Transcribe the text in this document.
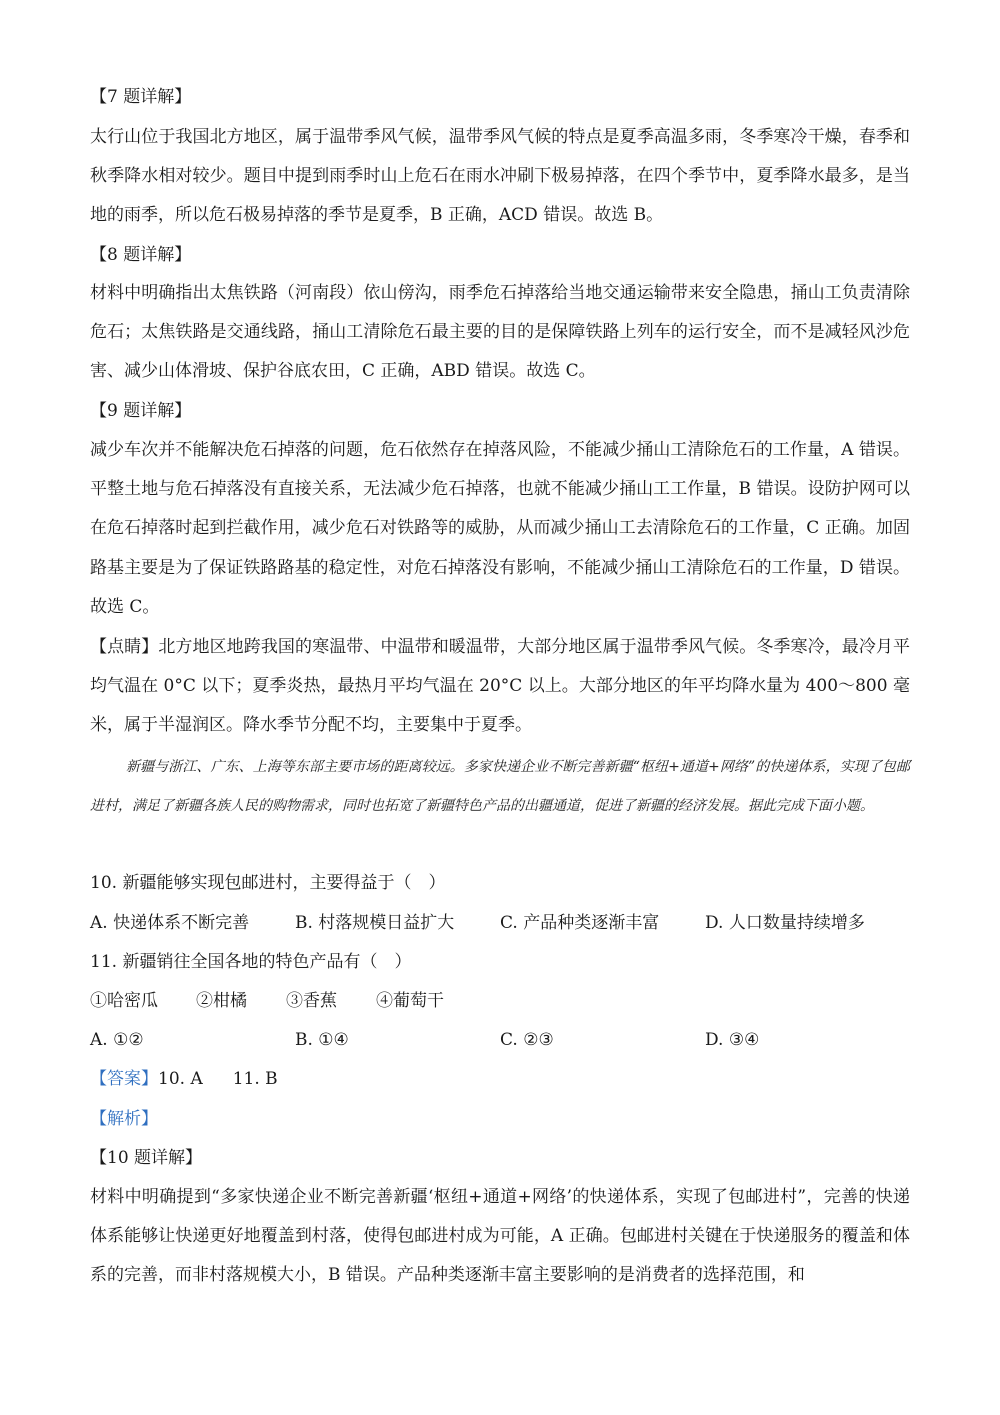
【7 题详解】

太行山位于我国北方地区，属于温带季风气候，温带季风气候的特点是夏季高温多雨，冬季寒冷干燥，春季和秋季降水相对较少。题目中提到雨季时山上危石在雨水冲刷下极易掉落，在四个季节中，夏季降水最多，是当地的雨季，所以危石极易掉落的季节是夏季，B 正确，ACD 错误。故选 B。

【8 题详解】

材料中明确指出太焦铁路（河南段）依山傍沟，雨季危石掉落给当地交通运输带来安全隐患，捅山工负责清除危石；太焦铁路是交通线路，捅山工清除危石最主要的目的是保障铁路上列车的运行安全，而不是减轻风沙危害、减少山体滑坡、保护谷底农田，C 正确，ABD 错误。故选 C。

【9 题详解】

减少车次并不能解决危石掉落的问题，危石依然存在掉落风险，不能减少捅山工清除危石的工作量，A 错误。平整土地与危石掉落没有直接关系，无法减少危石掉落，也就不能减少捅山工工作量，B 错误。设防护网可以在危石掉落时起到拦截作用，减少危石对铁路等的威胁，从而减少捅山工去清除危石的工作量，C 正确。加固路基主要是为了保证铁路路基的稳定性，对危石掉落没有影响，不能减少捅山工清除危石的工作量，D 错误。故选 C。

【点睛】北方地区地跨我国的寒温带、中温带和暖温带，大部分地区属于温带季风气候。冬季寒冷，最冷月平均气温在 0°C 以下；夏季炎热，最热月平均气温在 20°C 以上。大部分地区的年平均降水量为 400～800 毫米，属于半湿润区。降水季节分配不均，主要集中于夏季。

新疆与浙江、广东、上海等东部主要市场的距离较远。多家快递企业不断完善新疆“枢纽+通道+网络”的快递体系，实现了包邮进村，满足了新疆各族人民的购物需求，同时也拓宽了新疆特色产品的出疆通道，促进了新疆的经济发展。据此完成下面小题。

10. 新疆能够实现包邮进村，主要得益于（　）
A. 快递体系不断完善	B. 村落规模日益扩大	C. 产品种类逐渐丰富	D. 人口数量持续增多
11. 新疆销往全国各地的特色产品有（　）
①哈密瓜 ②柑橘 ③香蕉 ④葡萄干
A. ①②	B. ①④	C. ②③	D. ③④
【答案】10. A 11. B
【解析】
【10 题详解】

材料中明确提到“多家快递企业不断完善新疆‘枢纽+通道+网络’的快递体系，实现了包邮进村”，完善的快递体系能够让快递更好地覆盖到村落，使得包邮进村成为可能，A 正确。包邮进村关键在于快递服务的覆盖和体系的完善，而非村落规模大小，B 错误。产品种类逐渐丰富主要影响的是消费者的选择范围，和
